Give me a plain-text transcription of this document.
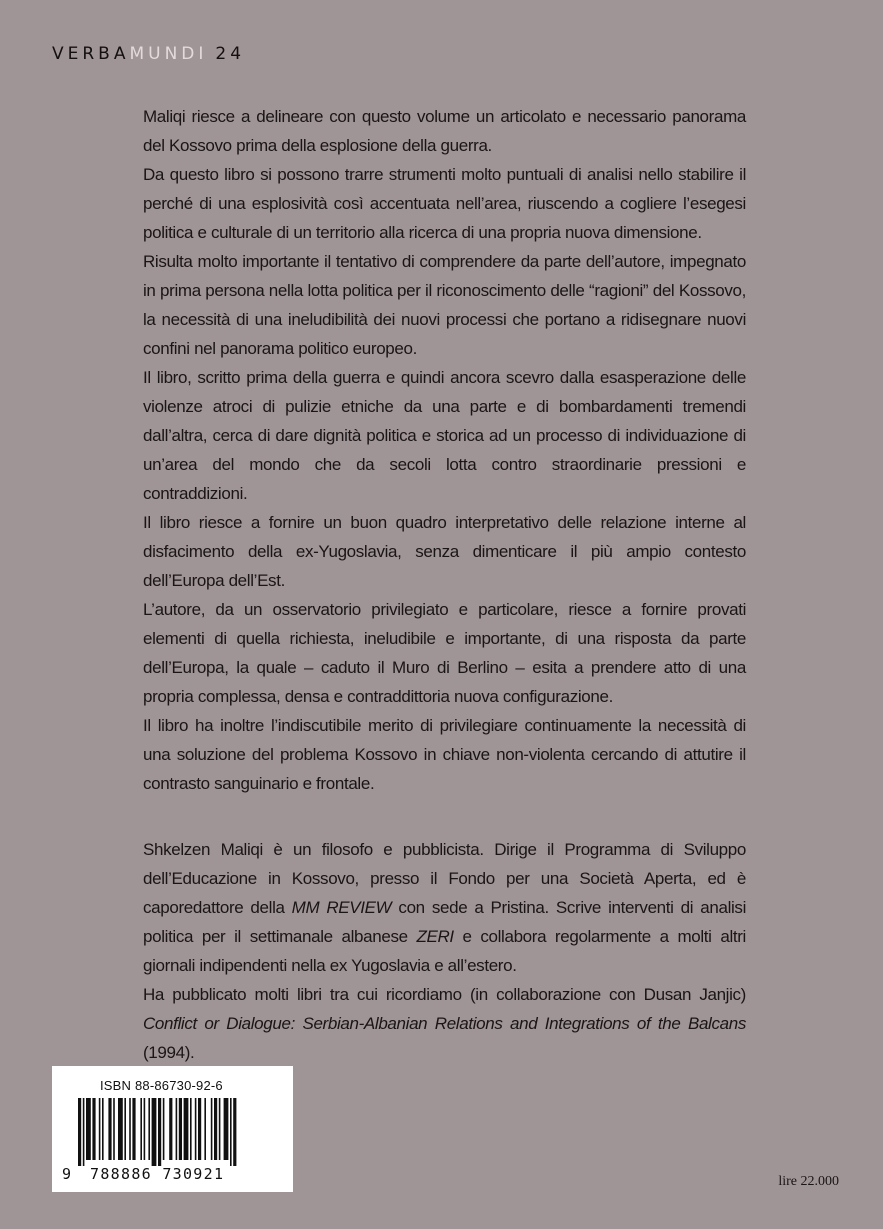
VERBAMUNDI 24

Maliqi riesce a delineare con questo volume un articolato e necessario panorama del Kossovo prima della esplosione della guerra.

Da questo libro si possono trarre strumenti molto puntuali di analisi nello stabilire il perché di una esplosività così accentuata nell’area, riuscendo a cogliere l’esegesi politica e culturale di un territorio alla ricerca di una propria nuova dimensione.

Risulta molto importante il tentativo di comprendere da parte dell’autore, impegnato in prima persona nella lotta politica per il riconoscimento delle “ragioni” del Kossovo, la necessità di una ineludibilità dei nuovi processi che portano a ridisegnare nuovi confini nel panorama politico europeo.

Il libro, scritto prima della guerra e quindi ancora scevro dalla esasperazione delle violenze atroci di pulizie etniche da una parte e di bombardamenti tremendi dall’altra, cerca di dare dignità politica e storica ad un processo di individuazione di un’area del mondo che da secoli lotta contro straordinarie pressioni e contraddizioni.

Il libro riesce a fornire un buon quadro interpretativo delle relazione interne al disfacimento della ex-Yugoslavia, senza dimenticare il più ampio contesto dell’Europa dell’Est.

L’autore, da un osservatorio privilegiato e particolare, riesce a fornire provati elementi di quella richiesta, ineludibile e importante, di una risposta da parte dell’Europa, la quale – caduto il Muro di Berlino – esita a prendere atto di una propria complessa, densa e contraddittoria nuova configurazione.

Il libro ha inoltre l’indiscutibile merito di privilegiare continuamente la necessità di una soluzione del problema Kossovo in chiave non-violenta cercando di attutire il contrasto sanguinario e frontale.

Shkelzen Maliqi è un filosofo e pubblicista. Dirige il Programma di Sviluppo dell’Educazione in Kossovo, presso il Fondo per una Società Aperta, ed è caporedattore della MM REVIEW con sede a Pristina. Scrive interventi di analisi politica per il settimanale albanese ZERI e collabora regolarmente a molti altri giornali indipendenti nella ex Yugoslavia e all’estero.

Ha pubblicato molti libri tra cui ricordiamo (in collaborazione con Dusan Janjic) Conflict or Dialogue: Serbian-Albanian Relations and Integrations of the Balcans (1994).

ISBN 88-86730-92-6
9 788886 730921	lire 22.000
